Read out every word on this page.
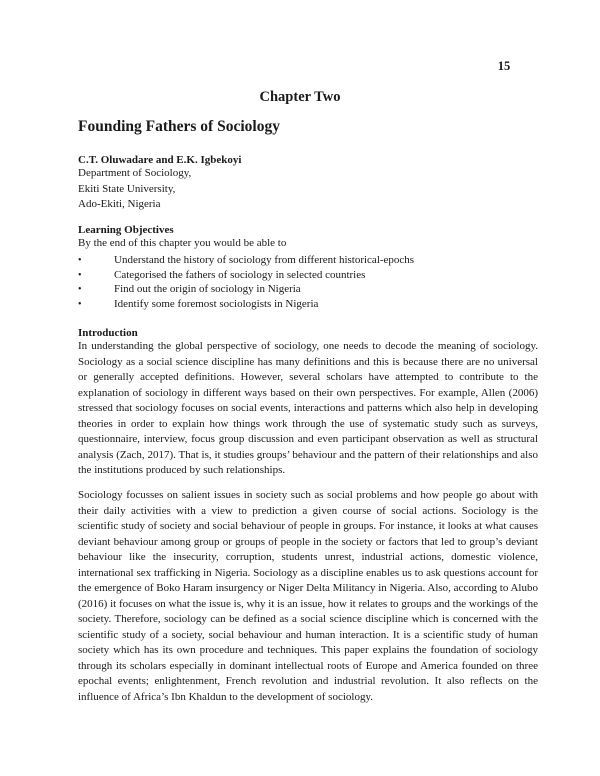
15
Chapter Two
Founding Fathers of Sociology
C.T. Oluwadare and E.K. Igbekoyi
Department of Sociology,
Ekiti State University,
Ado-Ekiti, Nigeria
Learning Objectives
By the end of this chapter you would be able to
•	Understand the history of sociology from different historical-epochs
•	Categorised the fathers of sociology in selected countries
•	Find out the origin of sociology in Nigeria
•	Identify some foremost sociologists in Nigeria
Introduction
In understanding the global perspective of sociology, one needs to decode the meaning of sociology. Sociology as a social science discipline has many definitions and this is because there are no universal or generally accepted definitions. However, several scholars have attempted to contribute to the explanation of sociology in different ways based on their own perspectives. For example, Allen (2006) stressed that sociology focuses on social events, interactions and patterns which also help in developing theories in order to explain how things work through the use of systematic study such as surveys, questionnaire, interview, focus group discussion and even participant observation as well as structural analysis (Zach, 2017). That is, it studies groups’ behaviour and the pattern of their relationships and also the institutions produced by such relationships.
Sociology focusses on salient issues in society such as social problems and how people go about with their daily activities with a view to prediction a given course of social actions. Sociology is the scientific study of society and social behaviour of people in groups. For instance, it looks at what causes deviant behaviour among group or groups of people in the society or factors that led to group’s deviant behaviour like the insecurity, corruption, students unrest, industrial actions, domestic violence, international sex trafficking in Nigeria. Sociology as a discipline enables us to ask questions account for the emergence of Boko Haram insurgency or Niger Delta Militancy in Nigeria. Also, according to Alubo (2016) it focuses on what the issue is, why it is an issue, how it relates to groups and the workings of the society. Therefore, sociology can be defined as a social science discipline which is concerned with the scientific study of a society, social behaviour and human interaction. It is a scientific study of human society which has its own procedure and techniques. This paper explains the foundation of sociology through its scholars especially in dominant intellectual roots of Europe and America founded on three epochal events; enlightenment, French revolution and industrial revolution. It also reflects on the influence of Africa’s Ibn Khaldun to the development of sociology.
